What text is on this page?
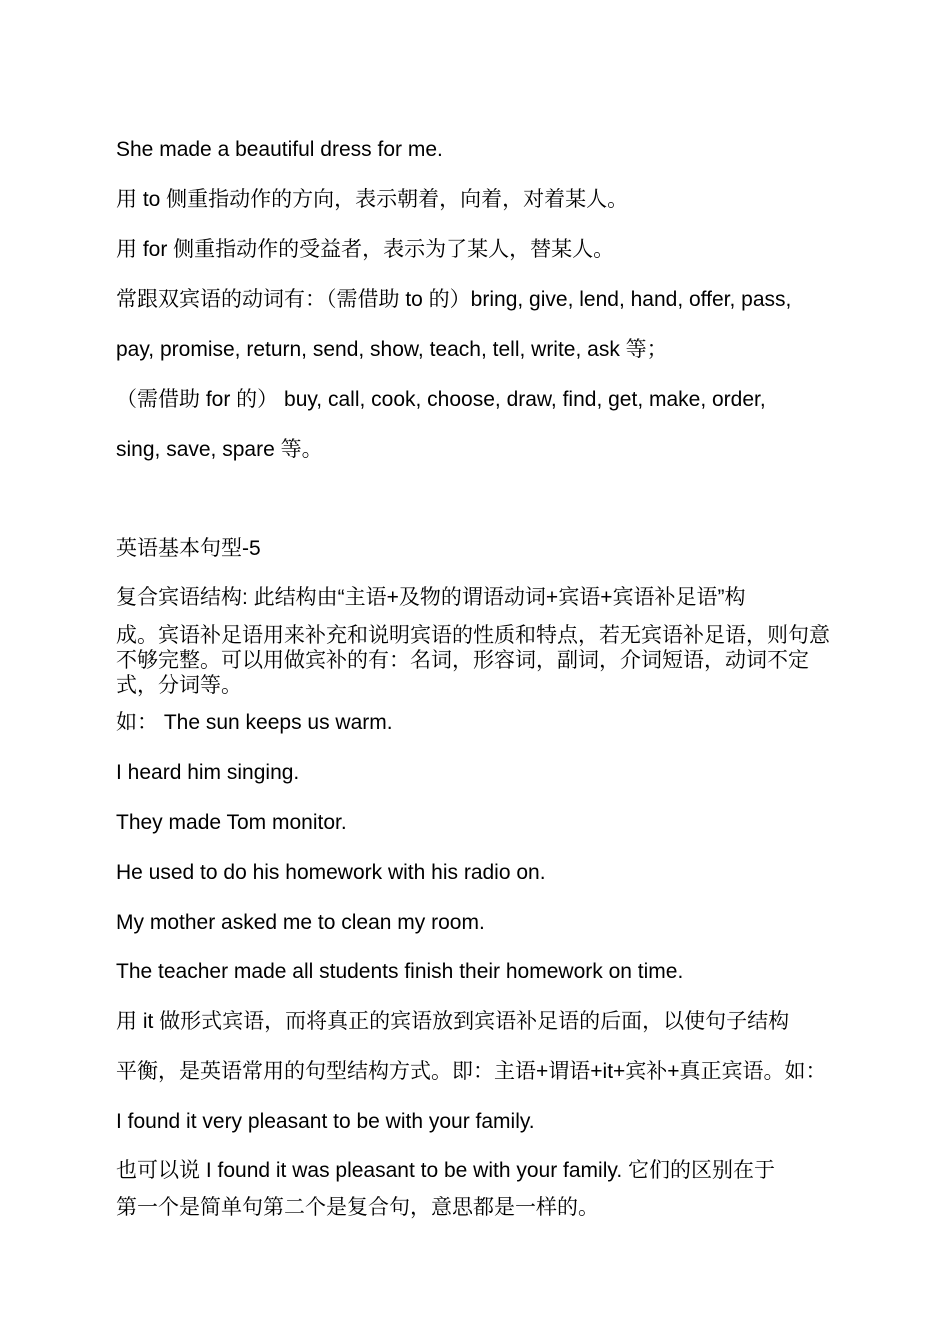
She made a beautiful dress for me.

用 to 侧重指动作的方向，表示朝着，向着，对着某人。

用 for 侧重指动作的受益者，表示为了某人，替某人。

常跟双宾语的动词有：（需借助 to 的）bring, give, lend, hand, offer, pass,

pay, promise, return, send, show, teach, tell, write, ask 等；

（需借助 for 的） buy, call, cook, choose, draw, find, get, make, order,

sing, save, spare 等。

英语基本句型-5

复合宾语结构: 此结构由“主语+及物的谓语动词+宾语+宾语补足语”构

成。宾语补足语用来补充和说明宾语的性质和特点，若无宾语补足语，则句意不够完整。可以用做宾补的有：名词，形容词，副词，介词短语，动词不定式，分词等。

如： The sun keeps us warm.

I heard him singing.

They made Tom monitor.

He used to do his homework with his radio on.

My mother asked me to clean my room.

The teacher made all students finish their homework on time.

用 it 做形式宾语，而将真正的宾语放到宾语补足语的后面，以使句子结构

平衡，是英语常用的句型结构方式。即：主语+谓语+it+宾补+真正宾语。如：

I found it very pleasant to be with your family.

也可以说 I found it was pleasant to be with your family. 它们的区别在于

第一个是简单句第二个是复合句，意思都是一样的。
